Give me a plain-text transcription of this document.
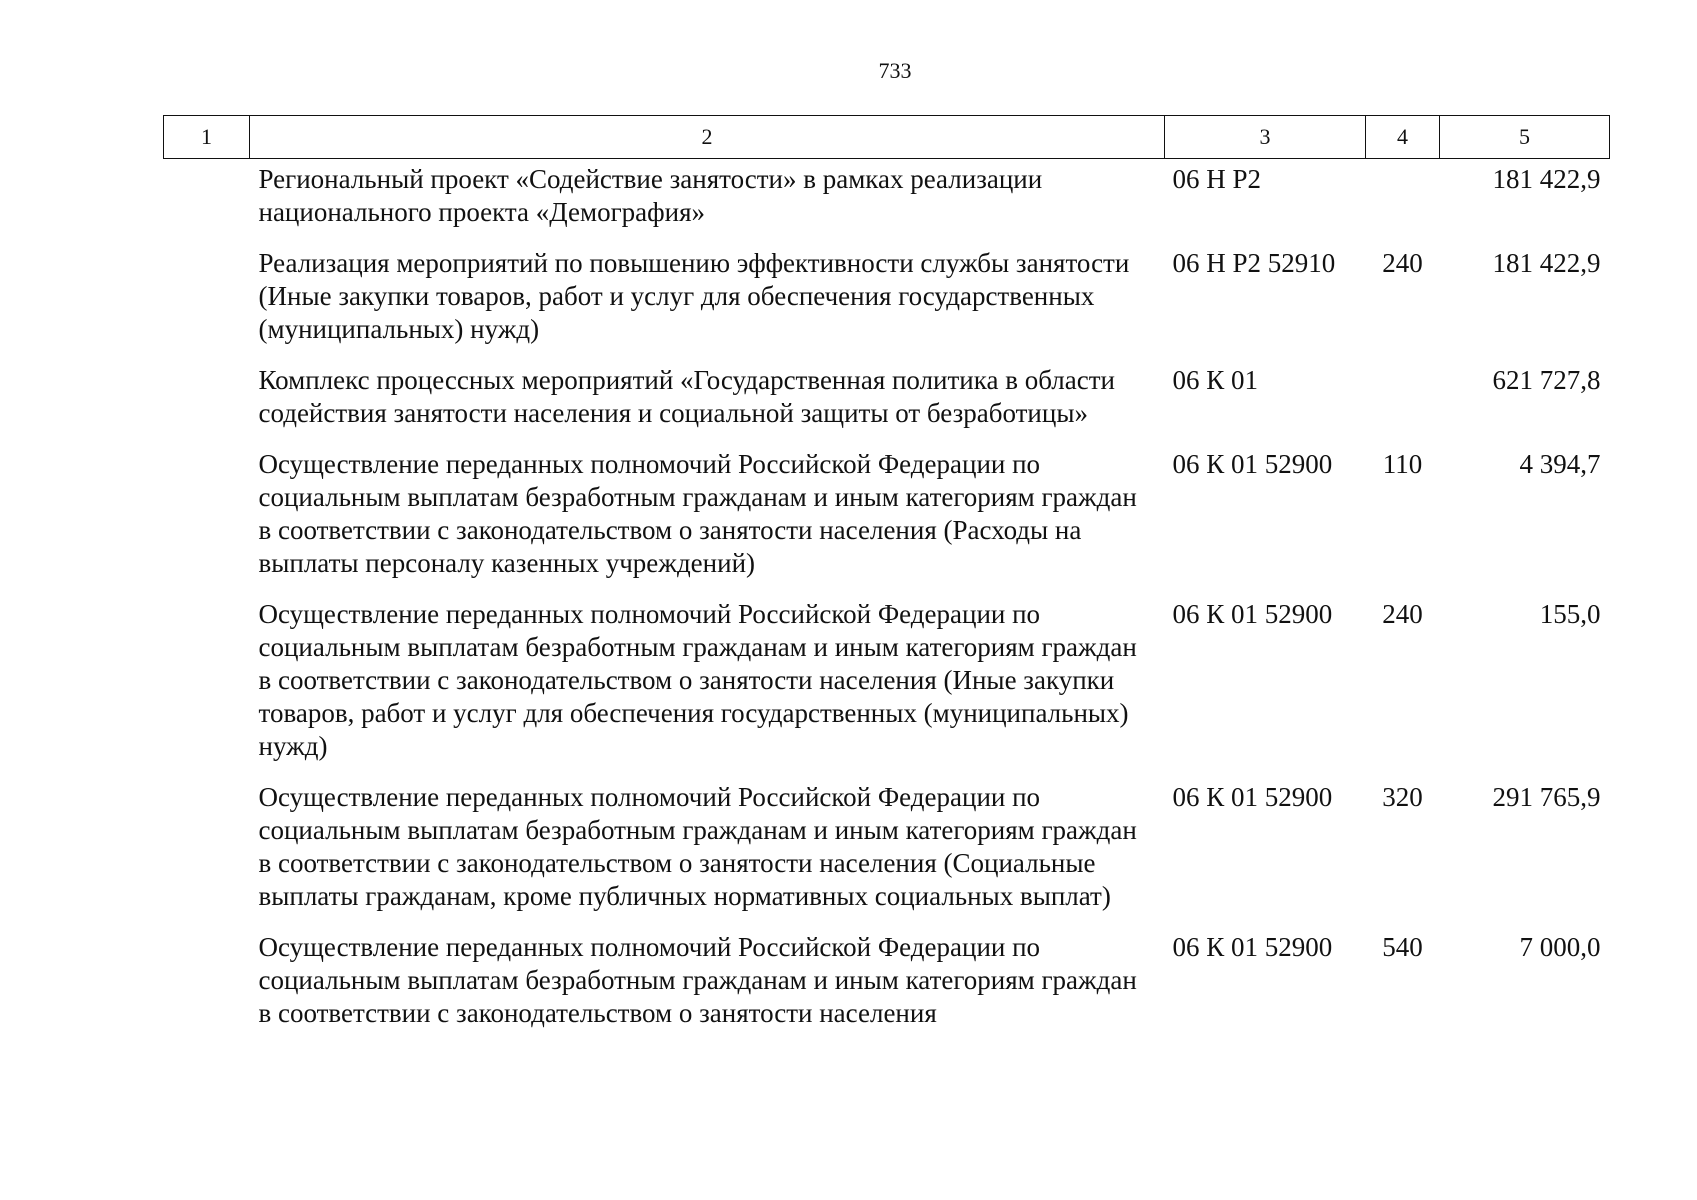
733
1	2	3	4	5
	Региональный проект «Содействие занятости» в рамках реализации национального проекта «Демография»	06 Н Р2		181 422,9
	Реализация мероприятий по повышению эффективности службы занятости (Иные закупки товаров, работ и услуг для обеспечения государственных (муниципальных) нужд)	06 Н Р2 52910	240	181 422,9
	Комплекс процессных мероприятий «Государственная политика в области содействия занятости населения и социальной защиты от безработицы»	06 К 01		621 727,8
	Осуществление переданных полномочий Российской Федерации по социальным выплатам безработным гражданам и иным категориям граждан в соответствии с законодательством о занятости населения (Расходы на выплаты персоналу казенных учреждений)	06 К 01 52900	110	4 394,7
	Осуществление переданных полномочий Российской Федерации по социальным выплатам безработным гражданам и иным категориям граждан в соответствии с законодательством о занятости населения (Иные закупки товаров, работ и услуг для обеспечения государственных (муниципальных) нужд)	06 К 01 52900	240	155,0
	Осуществление переданных полномочий Российской Федерации по социальным выплатам безработным гражданам и иным категориям граждан в соответствии с законодательством о занятости населения (Социальные выплаты гражданам, кроме публичных нормативных социальных выплат)	06 К 01 52900	320	291 765,9
	Осуществление переданных полномочий Российской Федерации по социальным выплатам безработным гражданам и иным категориям граждан в соответствии с законодательством о занятости населения	06 К 01 52900	540	7 000,0
